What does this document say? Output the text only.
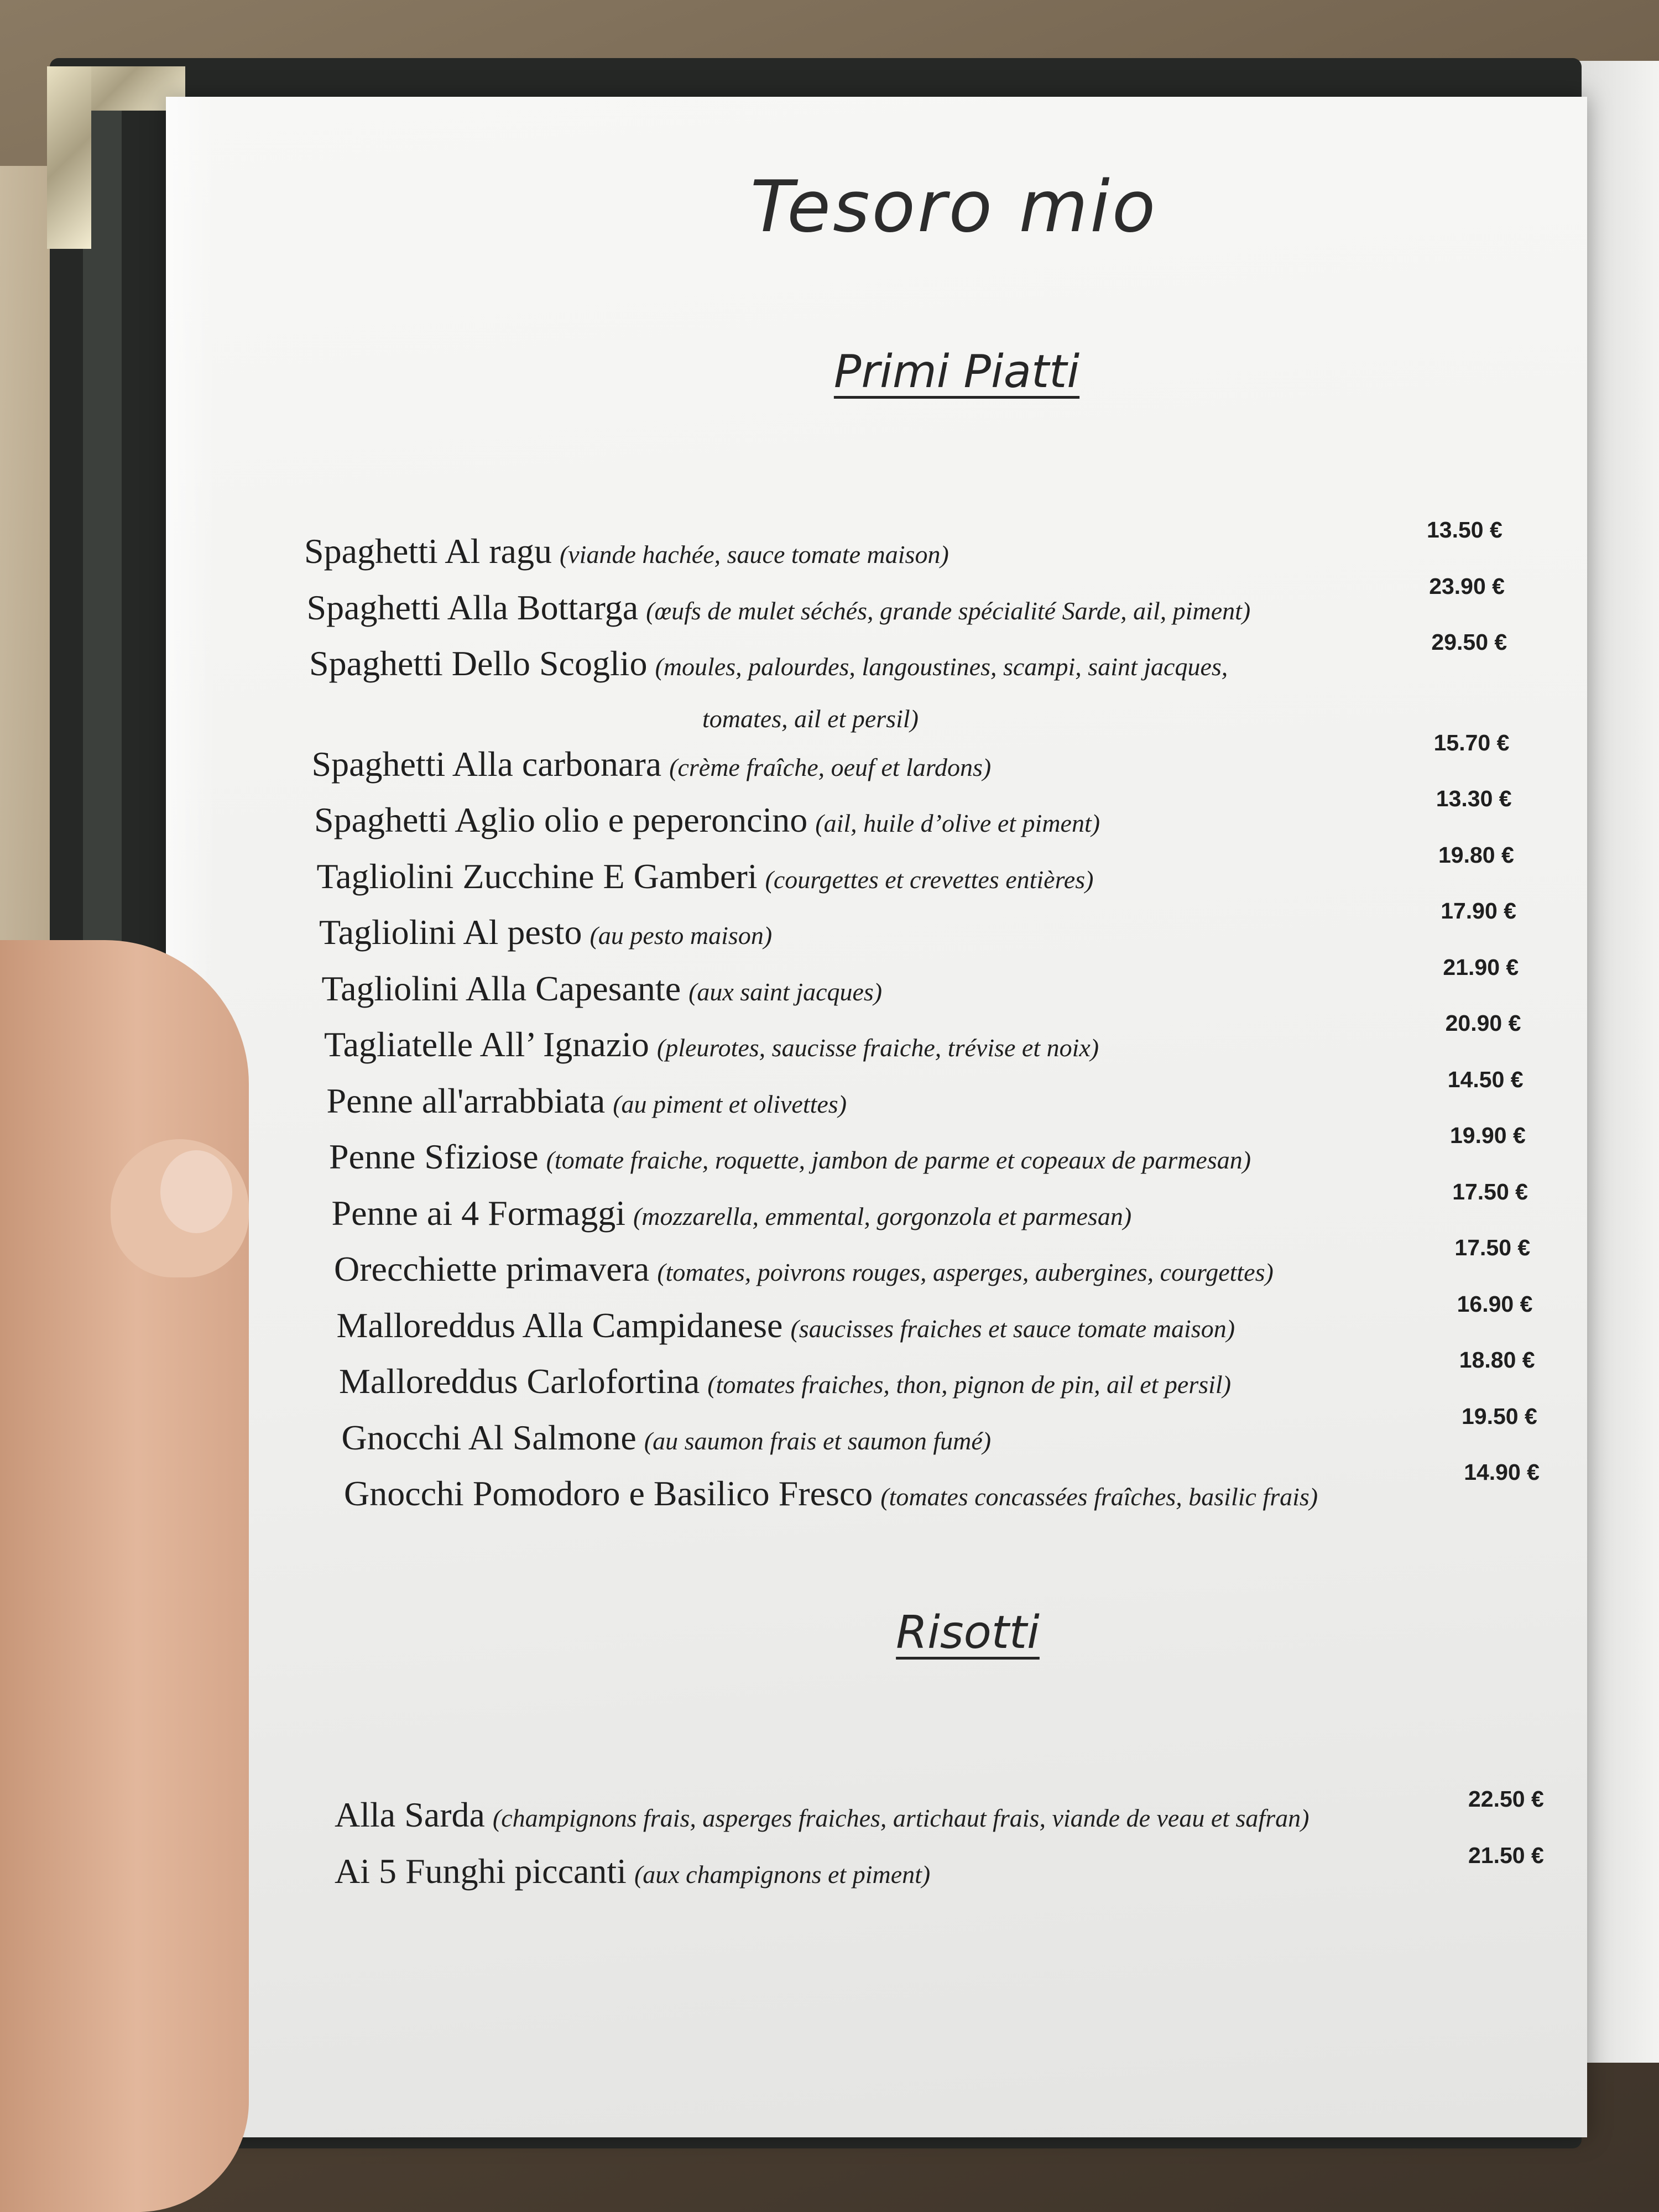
Tesoro mio
Primi Piatti
Risotti
Spaghetti Al ragu (viande hachée, sauce tomate maison)
13.50 €
Spaghetti Alla Bottarga (œufs de mulet séchés, grande spécialité Sarde, ail, piment)
23.90 €
Spaghetti Dello Scoglio (moules, palourdes, langoustines, scampi, saint jacques,
29.50 €
tomates, ail et persil)
Spaghetti Alla carbonara (crème fraîche, oeuf et lardons)
15.70 €
Spaghetti Aglio olio e peperoncino (ail, huile d’olive et piment)
13.30 €
Tagliolini Zucchine E Gamberi (courgettes et crevettes entières)
19.80 €
Tagliolini Al pesto (au pesto maison)
17.90 €
Tagliolini Alla Capesante (aux saint jacques)
21.90 €
Tagliatelle All’ Ignazio (pleurotes, saucisse fraiche, trévise et noix)
20.90 €
Penne all'arrabbiata (au piment et olivettes)
14.50 €
Penne Sfiziose (tomate fraiche, roquette, jambon de parme et copeaux de parmesan)
19.90 €
Penne ai 4 Formaggi (mozzarella, emmental, gorgonzola et parmesan)
17.50 €
Orecchiette primavera (tomates, poivrons rouges, asperges, aubergines, courgettes)
17.50 €
Malloreddus Alla Campidanese (saucisses fraiches et sauce tomate maison)
16.90 €
Malloreddus Carlofortina (tomates fraiches, thon, pignon de pin, ail et persil)
18.80 €
Gnocchi Al Salmone (au saumon frais et saumon fumé)
19.50 €
Gnocchi Pomodoro e Basilico Fresco (tomates concassées fraîches, basilic frais)
14.90 €
Alla Sarda (champignons frais, asperges fraiches, artichaut frais, viande de veau et safran)
22.50 €
Ai 5 Funghi piccanti (aux champignons et piment)
21.50 €
